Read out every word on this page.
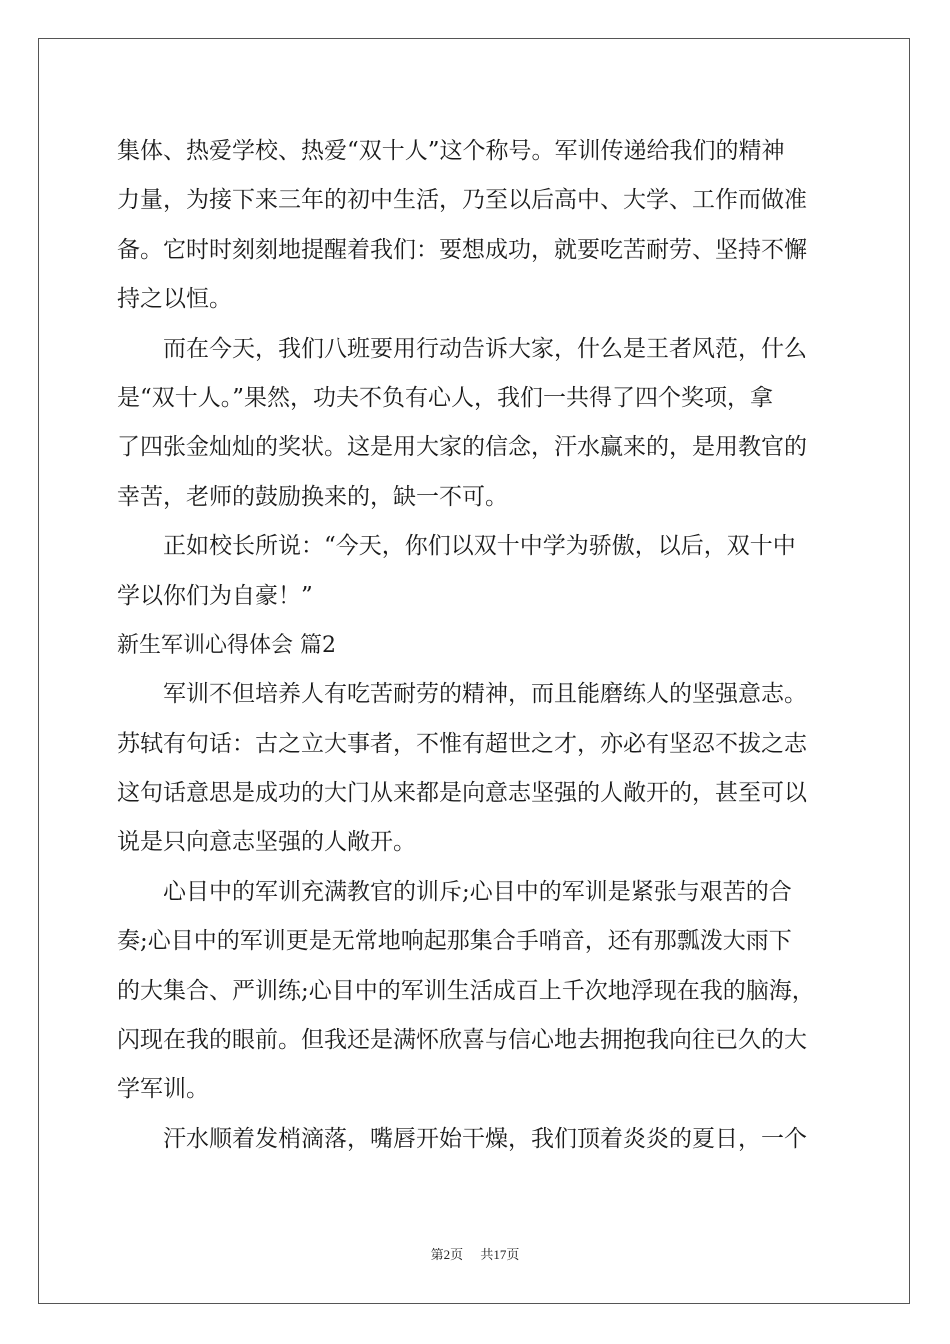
集体、热爱学校、热爱“双十人”这个称号。军训传递给我们的精神
力量，为接下来三年的初中生活，乃至以后高中、大学、工作而做准
备。它时时刻刻地提醒着我们：要想成功，就要吃苦耐劳、坚持不懈
持之以恒。
而在今天，我们八班要用行动告诉大家，什么是王者风范，什么
是“双十人。”果然，功夫不负有心人，我们一共得了四个奖项，拿
了四张金灿灿的奖状。这是用大家的信念，汗水赢来的，是用教官的
幸苦，老师的鼓励换来的，缺一不可。
正如校长所说：“今天，你们以双十中学为骄傲，以后，双十中
学以你们为自豪！”
新生军训心得体会 篇2
军训不但培养人有吃苦耐劳的精神，而且能磨练人的坚强意志。
苏轼有句话：古之立大事者，不惟有超世之才，亦必有坚忍不拔之志
这句话意思是成功的大门从来都是向意志坚强的人敞开的，甚至可以
说是只向意志坚强的人敞开。
心目中的军训充满教官的训斥;心目中的军训是紧张与艰苦的合
奏;心目中的军训更是无常地响起那集合手哨音，还有那瓢泼大雨下
的大集合、严训练;心目中的军训生活成百上千次地浮现在我的脑海，
闪现在我的眼前。但我还是满怀欣喜与信心地去拥抱我向往已久的大
学军训。
汗水顺着发梢滴落，嘴唇开始干燥，我们顶着炎炎的夏日，一个
第2页 共17页
